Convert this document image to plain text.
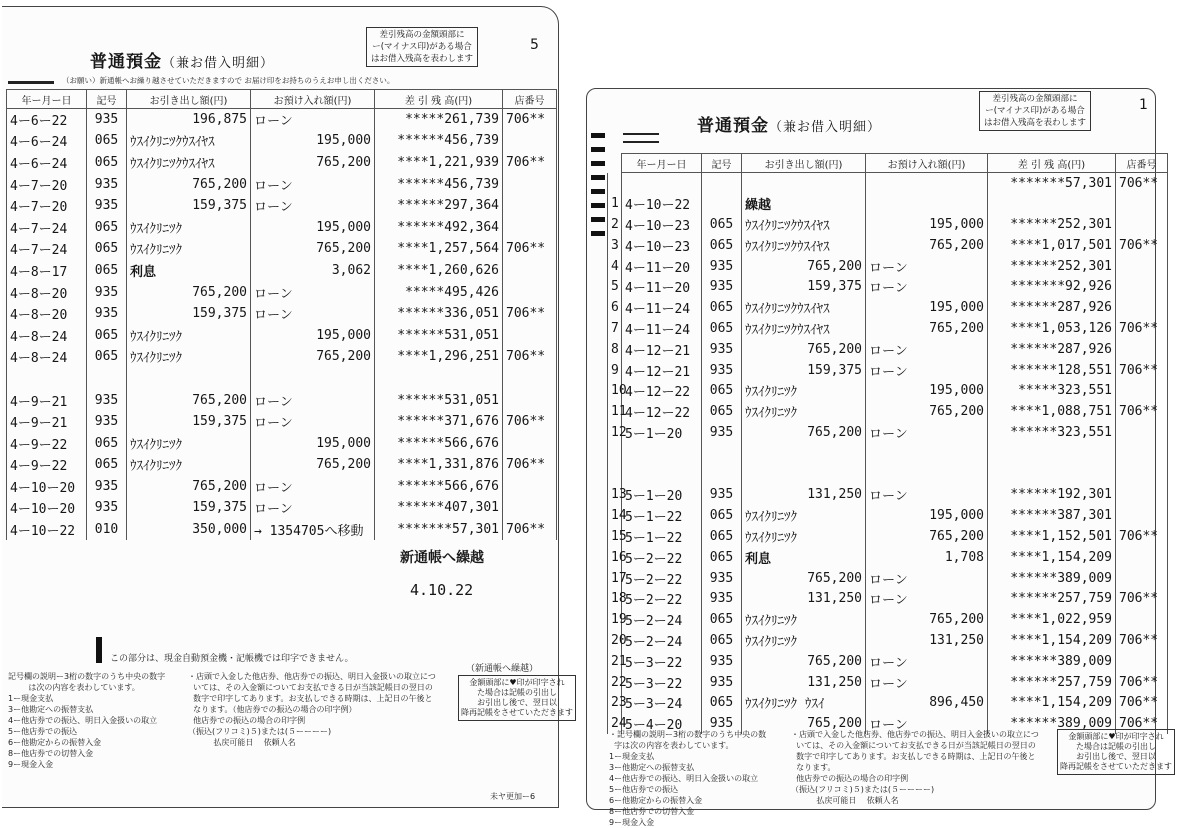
普通預金（兼お借入明細）
差引残高の金額頭部に
ー(マイナス印)がある場合
はお借入残高を表わします
5
（お願い）新通帳へお繰り越させていただきますので お届け印をお持ちのうえお申し出ください。
年ー月ー日	記号	お引き出し額(円)	お預け入れ額(円)	差 引 残 高(円)	店番号
4ー6ー22	935	196,875	ローン	*****261,739	706**
4ー6ー24	065	ｳｽｲｸﾘﾆﾂｸｳｽｲﾔｽ	195,000	******456,739	
4ー6ー24	065	ｳｽｲｸﾘﾆﾂｸｳｽｲﾔｽ	765,200	****1,221,939	706**
4ー7ー20	935	765,200	ローン	******456,739	
4ー7ー20	935	159,375	ローン	******297,364	
4ー7ー24	065	ｳｽｲｸﾘﾆﾂｸ	195,000	******492,364	
4ー7ー24	065	ｳｽｲｸﾘﾆﾂｸ	765,200	****1,257,564	706**
4ー8ー17	065	利息	3,062	****1,260,626	
4ー8ー20	935	765,200	ローン	*****495,426	
4ー8ー20	935	159,375	ローン	******336,051	706**
4ー8ー24	065	ｳｽｲｸﾘﾆﾂｸ	195,000	******531,051	
4ー8ー24	065	ｳｽｲｸﾘﾆﾂｸ	765,200	****1,296,251	706**

4ー9ー21	935	765,200	ローン	******531,051	
4ー9ー21	935	159,375	ローン	******371,676	706**
4ー9ー22	065	ｳｽｲｸﾘﾆﾂｸ	195,000	******566,676	
4ー9ー22	065	ｳｽｲｸﾘﾆﾂｸ	765,200	****1,331,876	706**
4ー10ー20	935	765,200	ローン	******566,676	
4ー10ー20	935	159,375	ローン	******407,301	
4ー10ー22	010	350,000	→ 1354705へ移動	*******57,301	706**
新通帳へ繰越
4.10.22
この部分は、現金自動預金機・記帳機では印字できません。
（新通帳へ繰越）
記号欄の説明ー3桁の数字のうち中央の数字
は次の内容を表わしています。
1ー現金支払
3ー他勘定への振替支払
4ー他店券での振込、明日入金扱いの取立
5ー他店券での振込
6ー他勘定からの振替入金
8ー他店券での切替入金
9ー現金入金
・店頭で入金した他店券、他店券での振込、明日入金扱いの取立につ
いては、その入金額についてお支払できる日が当該記帳日の翌日の
数字で印字してあります。お支払しできる時期は、上記日の午後と
なります。（他店券での振込の場合の印字例）
他店券での振込の場合の印字例
（振込(フリコミ)５)または(５ーーーー)
払戻可能日    依頼人名
金額頭部に♥印が印字され
た場合は記帳の引出し
お引出し後で、翌日以
降再記帳をさせていただきます
未ヤ更加ー6
普通預金（兼お借入明細）
差引残高の金額頭部に
ー(マイナス印)がある場合
はお借入残高を表わします
1
	年ー月ー日	記号	お引き出し額(円)	お預け入れ額(円)	差 引 残 高(円)	店番号
					*******57,301	706**
1	4ー10ー22		繰越			
2	4ー10ー23	065	ｳｽｲｸﾘﾆﾂｸｳｽｲﾔｽ	195,000	******252,301	
3	4ー10ー23	065	ｳｽｲｸﾘﾆﾂｸｳｽｲﾔｽ	765,200	****1,017,501	706**
4	4ー11ー20	935	765,200	ローン	******252,301	
5	4ー11ー20	935	159,375	ローン	*******92,926	
6	4ー11ー24	065	ｳｽｲｸﾘﾆﾂｸｳｽｲﾔｽ	195,000	******287,926	
7	4ー11ー24	065	ｳｽｲｸﾘﾆﾂｸｳｽｲﾔｽ	765,200	****1,053,126	706**
8	4ー12ー21	935	765,200	ローン	******287,926	
9	4ー12ー21	935	159,375	ローン	******128,551	706**
10	4ー12ー22	065	ｳｽｲｸﾘﾆﾂｸ	195,000	*****323,551	
11	4ー12ー22	065	ｳｽｲｸﾘﾆﾂｸ	765,200	****1,088,751	706**
12	5ー1ー20	935	765,200	ローン	******323,551	

13	5ー1ー20	935	131,250	ローン	******192,301	
14	5ー1ー22	065	ｳｽｲｸﾘﾆﾂｸ	195,000	******387,301	
15	5ー1ー22	065	ｳｽｲｸﾘﾆﾂｸ	765,200	****1,152,501	706**
16	5ー2ー22	065	利息	1,708	****1,154,209	
17	5ー2ー22	935	765,200	ローン	******389,009	
18	5ー2ー22	935	131,250	ローン	******257,759	706**
19	5ー2ー24	065	ｳｽｲｸﾘﾆﾂｸ	765,200	****1,022,959	
20	5ー2ー24	065	ｳｽｲｸﾘﾆﾂｸ	131,250	****1,154,209	706**
21	5ー3ー22	935	765,200	ローン	******389,009	
22	5ー3ー22	935	131,250	ローン	******257,759	706**
23	5ー3ー24	065	ｳｽｲｸﾘﾆﾂｸ ｳｽｲ	896,450	****1,154,209	706**
24	5ー4ー20	935	765,200	ローン	******389,009	706**
・記号欄の説明ー3桁の数字のうち中央の数
字は次の内容を表わしています。
1ー現金支払
3ー他勘定への振替支払
4ー他店券での振込、明日入金扱いの取立
5ー他店券での振込
6ー他勘定からの振替入金
8ー他店券での切替入金
9ー現金入金
・店頭で入金した他店券、他店券での振込、明日入金扱いの取立につ
いては、その入金額についてお支払できる日が当該記帳日の翌日の
数字で印字してあります。お支払しできる時期は、上記日の午後と
なります。
他店券での振込の場合の印字例
（振込(フリコミ)５)または(５ーーーー)
払戻可能日    依頼人名
金額頭部に♥印が印字され
た場合は記帳の引出し
お引出し後で、翌日以
降再記帳をさせていただきます
